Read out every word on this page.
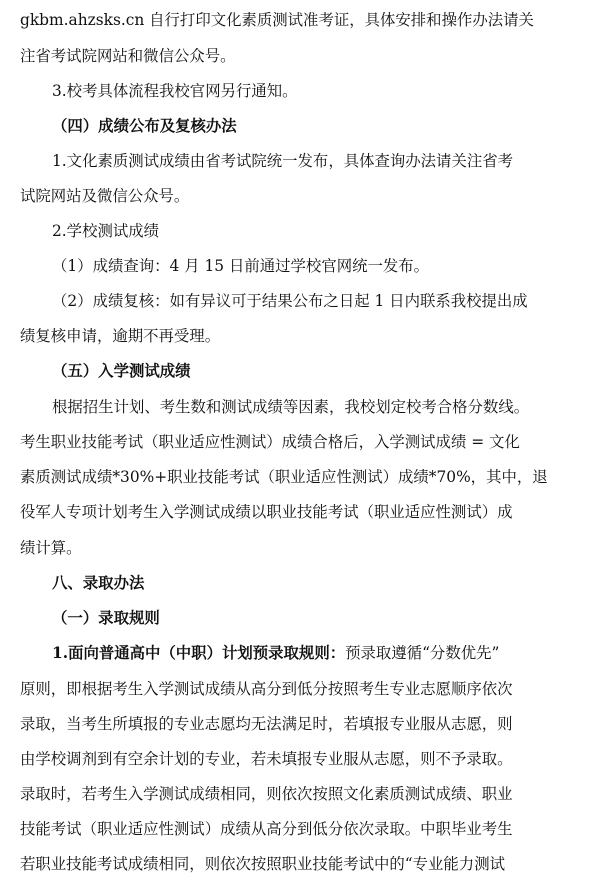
gkbm.ahzsks.cn 自行打印文化素质测试准考证，具体安排和操作办法请关
注省考试院网站和微信公众号。
3.校考具体流程我校官网另行通知。
（四）成绩公布及复核办法
1.文化素质测试成绩由省考试院统一发布，具体查询办法请关注省考
试院网站及微信公众号。
2.学校测试成绩
（1）成绩查询：4 月 15 日前通过学校官网统一发布。
（2）成绩复核：如有异议可于结果公布之日起 1 日内联系我校提出成
绩复核申请，逾期不再受理。
（五）入学测试成绩
根据招生计划、考生数和测试成绩等因素，我校划定校考合格分数线。
考生职业技能考试（职业适应性测试）成绩合格后，入学测试成绩 = 文化
素质测试成绩*30%+职业技能考试（职业适应性测试）成绩*70%，其中，退
役军人专项计划考生入学测试成绩以职业技能考试（职业适应性测试）成
绩计算。
八、录取办法
（一）录取规则
1.面向普通高中（中职）计划预录取规则：预录取遵循“分数优先”
原则，即根据考生入学测试成绩从高分到低分按照考生专业志愿顺序依次
录取，当考生所填报的专业志愿均无法满足时，若填报专业服从志愿，则
由学校调剂到有空余计划的专业，若未填报专业服从志愿，则不予录取。
录取时，若考生入学测试成绩相同，则依次按照文化素质测试成绩、职业
技能考试（职业适应性测试）成绩从高分到低分依次录取。中职毕业考生
若职业技能考试成绩相同，则依次按照职业技能考试中的“专业能力测试
